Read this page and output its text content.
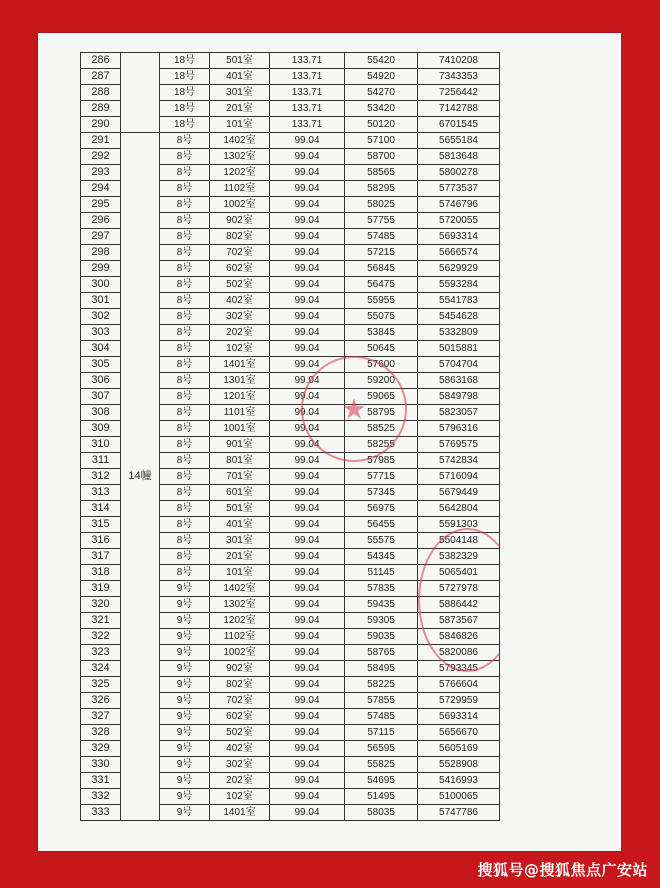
286		18号	501室	133.71	55420	7410208
287		18号	401室	133.71	54920	7343353
288		18号	301室	133.71	54270	7256442
289		18号	201室	133.71	53420	7142788
290		18号	101室	133.71	50120	6701545
291	14幢	8号	1402室	99.04	57100	5655184
292		8号	1302室	99.04	58700	5813648
293		8号	1202室	99.04	58565	5800278
294		8号	1102室	99.04	58295	5773537
295		8号	1002室	99.04	58025	5746796
296		8号	902室	99.04	57755	5720055
297		8号	802室	99.04	57485	5693314
298		8号	702室	99.04	57215	5666574
299		8号	602室	99.04	56845	5629929
300		8号	502室	99.04	56475	5593284
301		8号	402室	99.04	55955	5541783
302		8号	302室	99.04	55075	5454628
303		8号	202室	99.04	53845	5332809
304		8号	102室	99.04	50645	5015881
305		8号	1401室	99.04	57600	5704704
306		8号	1301室	99.04	59200	5863168
307		8号	1201室	99.04	59065	5849798
308		8号	1101室	99.04	58795	5823057
309		8号	1001室	99.04	58525	5796316
310		8号	901室	99.04	58255	5769575
311		8号	801室	99.04	57985	5742834
312		8号	701室	99.04	57715	5716094
313		8号	601室	99.04	57345	5679449
314		8号	501室	99.04	56975	5642804
315		8号	401室	99.04	56455	5591303
316		8号	301室	99.04	55575	5504148
317		8号	201室	99.04	54345	5382329
318		8号	101室	99.04	51145	5065401
319		9号	1402室	99.04	57835	5727978
320		9号	1302室	99.04	59435	5886442
321		9号	1202室	99.04	59305	5873567
322		9号	1102室	99.04	59035	5846826
323		9号	1002室	99.04	58765	5820086
324		9号	902室	99.04	58495	5793345
325		9号	802室	99.04	58225	5766604
326		9号	702室	99.04	57855	5729959
327		9号	602室	99.04	57485	5693314
328		9号	502室	99.04	57115	5656670
329		9号	402室	99.04	56595	5605169
330		9号	302室	99.04	55825	5528908
331		9号	202室	99.04	54695	5416993
332		9号	102室	99.04	51495	5100065
333		9号	1401室	99.04	58035	5747786
★
搜狐号@搜狐焦点广安站
